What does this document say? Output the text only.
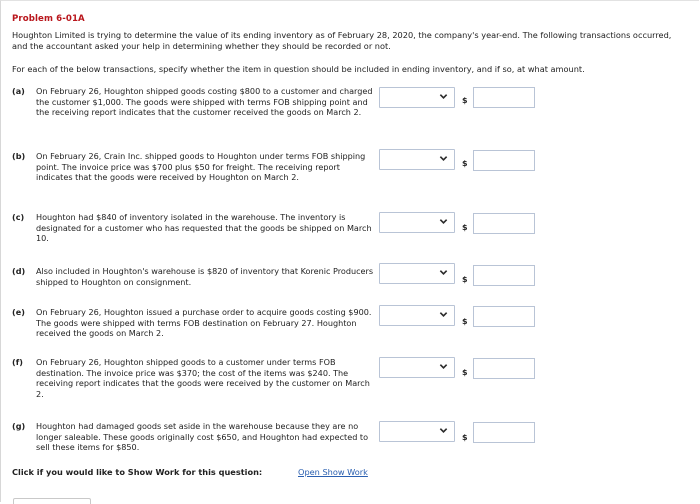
Problem 6-01A
Houghton Limited is trying to determine the value of its ending inventory as of February 28, 2020, the company's year-end. The following transactions occurred, and the accountant asked your help in determining whether they should be recorded or not.
For each of the below transactions, specify whether the item in question should be included in ending inventory, and if so, at what amount.
(a) On February 26, Houghton shipped goods costing $800 to a customer and charged the customer $1,000. The goods were shipped with terms FOB shipping point and the receiving report indicates that the customer received the goods on March 2.
$
(b) On February 26, Crain Inc. shipped goods to Houghton under terms FOB shipping point. The invoice price was $700 plus $50 for freight. The receiving report indicates that the goods were received by Houghton on March 2.
$
(c) Houghton had $840 of inventory isolated in the warehouse. The inventory is designated for a customer who has requested that the goods be shipped on March 10.
$
(d) Also included in Houghton's warehouse is $820 of inventory that Korenic Producers shipped to Houghton on consignment.	$
(e) On February 26, Houghton issued a purchase order to acquire goods costing $900. The goods were shipped with terms FOB destination on February 27. Houghton received the goods on March 2.
$
(f) On February 26, Houghton shipped goods to a customer under terms FOB destination. The invoice price was $370; the cost of the items was $240. The receiving report indicates that the goods were received by the customer on March 2.
$
(g) Houghton had damaged goods set aside in the warehouse because they are no longer saleable. These goods originally cost $650, and Houghton had expected to sell these items for $850.
$
Click if you would like to Show Work for this question:	Open Show Work
